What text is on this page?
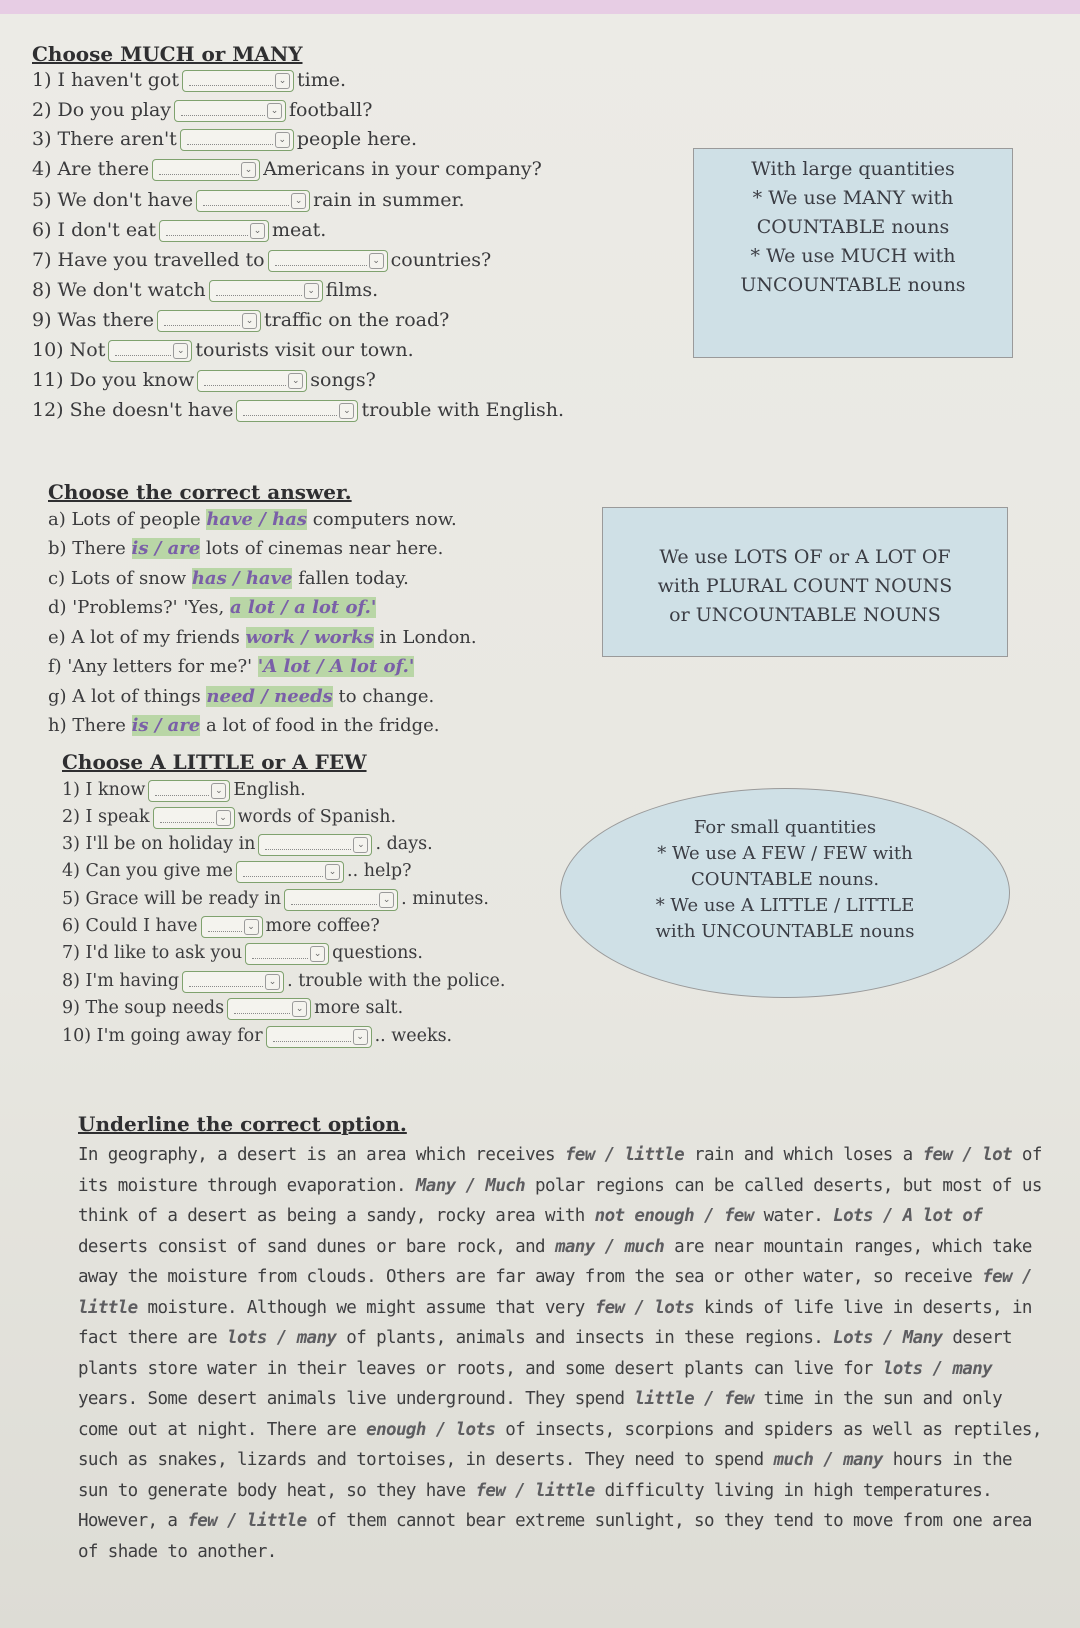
Choose MUCH or MANY
1) I haven't got	⌄ time.
2) Do you play	⌄ football?
3) There aren't	⌄ people here.
4) Are there	⌄ Americans in your company?
5) We don't have	⌄ rain in summer.
6) I don't eat	⌄ meat.
7) Have you travelled to	⌄ countries?
8) We don't watch	⌄ films.
9) Was there	⌄ traffic on the road?
10) Not	⌄ tourists visit our town.
11) Do you know	⌄ songs?
12) She doesn't have	⌄ trouble with English.
With large quantities
* We use MANY with
COUNTABLE nouns
* We use MUCH with
UNCOUNTABLE nouns
Choose the correct answer.
a) Lots of people have / has computers now.
b) There is / are lots of cinemas near here.
c) Lots of snow has / have fallen today.
d) 'Problems?' 'Yes, a lot / a lot of.'
e) A lot of my friends work / works in London.
f) 'Any letters for me?' 'A lot / A lot of.'
g) A lot of things need / needs to change.
h) There is / are a lot of food in the fridge.
We use LOTS OF or A LOT OF
with PLURAL COUNT NOUNS
or UNCOUNTABLE NOUNS
Choose A LITTLE or A FEW
1) I know	⌄ English.
2) I speak	⌄ words of Spanish.
3) I'll be on holiday in	⌄ . days.
4) Can you give me	⌄ .. help?
5) Grace will be ready in	⌄ . minutes.
6) Could I have	⌄ more coffee?
7) I'd like to ask you	⌄ questions.
8) I'm having	⌄ . trouble with the police.
9) The soup needs	⌄ more salt.
10) I'm going away for	⌄ .. weeks.
For small quantities
* We use A FEW / FEW with
COUNTABLE nouns.
* We use A LITTLE / LITTLE
with UNCOUNTABLE nouns
Underline the correct option.
In geography, a desert is an area which receives few / little rain and which loses a few / lot of its moisture through evaporation. Many / Much polar regions can be called deserts, but most of us think of a desert as being a sandy, rocky area with not enough / few water. Lots / A lot of deserts consist of sand dunes or bare rock, and many / much are near mountain ranges, which take away the moisture from clouds. Others are far away from the sea or other water, so receive few / little moisture. Although we might assume that very few / lots kinds of life live in deserts, in fact there are lots / many of plants, animals and insects in these regions. Lots / Many desert plants store water in their leaves or roots, and some desert plants can live for lots / many years. Some desert animals live underground. They spend little / few time in the sun and only come out at night. There are enough / lots of insects, scorpions and spiders as well as reptiles, such as snakes, lizards and tortoises, in deserts. They need to spend much / many hours in the sun to generate body heat, so they have few / little difficulty living in high temperatures. However, a few / little of them cannot bear extreme sunlight, so they tend to move from one area of shade to another.
